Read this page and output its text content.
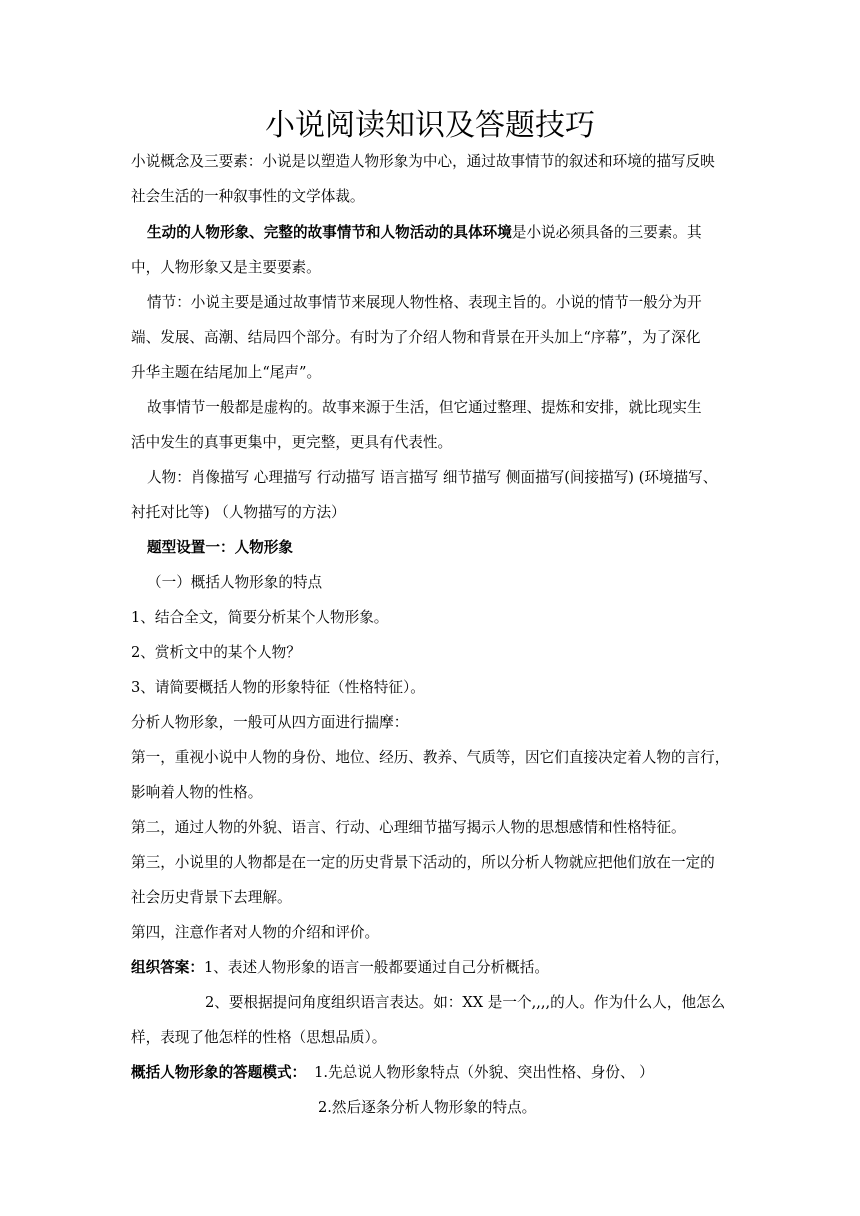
小说阅读知识及答题技巧
小说概念及三要素：小说是以塑造人物形象为中心，通过故事情节的叙述和环境的描写反映
社会生活的一种叙事性的文学体裁。
生动的人物形象、完整的故事情节和人物活动的具体环境是小说必须具备的三要素。其
中，人物形象又是主要要素。
情节：小说主要是通过故事情节来展现人物性格、表现主旨的。小说的情节一般分为开
端、发展、高潮、结局四个部分。有时为了介绍人物和背景在开头加上“序幕”，为了深化
升华主题在结尾加上“尾声”。
故事情节一般都是虚构的。故事来源于生活，但它通过整理、提炼和安排，就比现实生
活中发生的真事更集中，更完整，更具有代表性。
人物：肖像描写 心理描写 行动描写 语言描写 细节描写 侧面描写(间接描写) (环境描写、
衬托对比等) （人物描写的方法）
题型设置一：人物形象
（一）概括人物形象的特点
1、结合全文，简要分析某个人物形象。
2、赏析文中的某个人物？
3、请简要概括人物的形象特征（性格特征）。
分析人物形象，一般可从四方面进行揣摩：
第一，重视小说中人物的身份、地位、经历、教养、气质等，因它们直接决定着人物的言行，
影响着人物的性格。
第二，通过人物的外貌、语言、行动、心理细节描写揭示人物的思想感情和性格特征。
第三，小说里的人物都是在一定的历史背景下活动的，所以分析人物就应把他们放在一定的
社会历史背景下去理解。
第四，注意作者对人物的介绍和评价。
组织答案：1、表述人物形象的语言一般都要通过自己分析概括。
2、要根据提问角度组织语言表达。如：XX 是一个,,,,的人。作为什么人，他怎么
样，表现了他怎样的性格（思想品质）。
概括人物形象的答题模式： 1.先总说人物形象特点（外貌、突出性格、身份、 ）
2.然后逐条分析人物形象的特点。
